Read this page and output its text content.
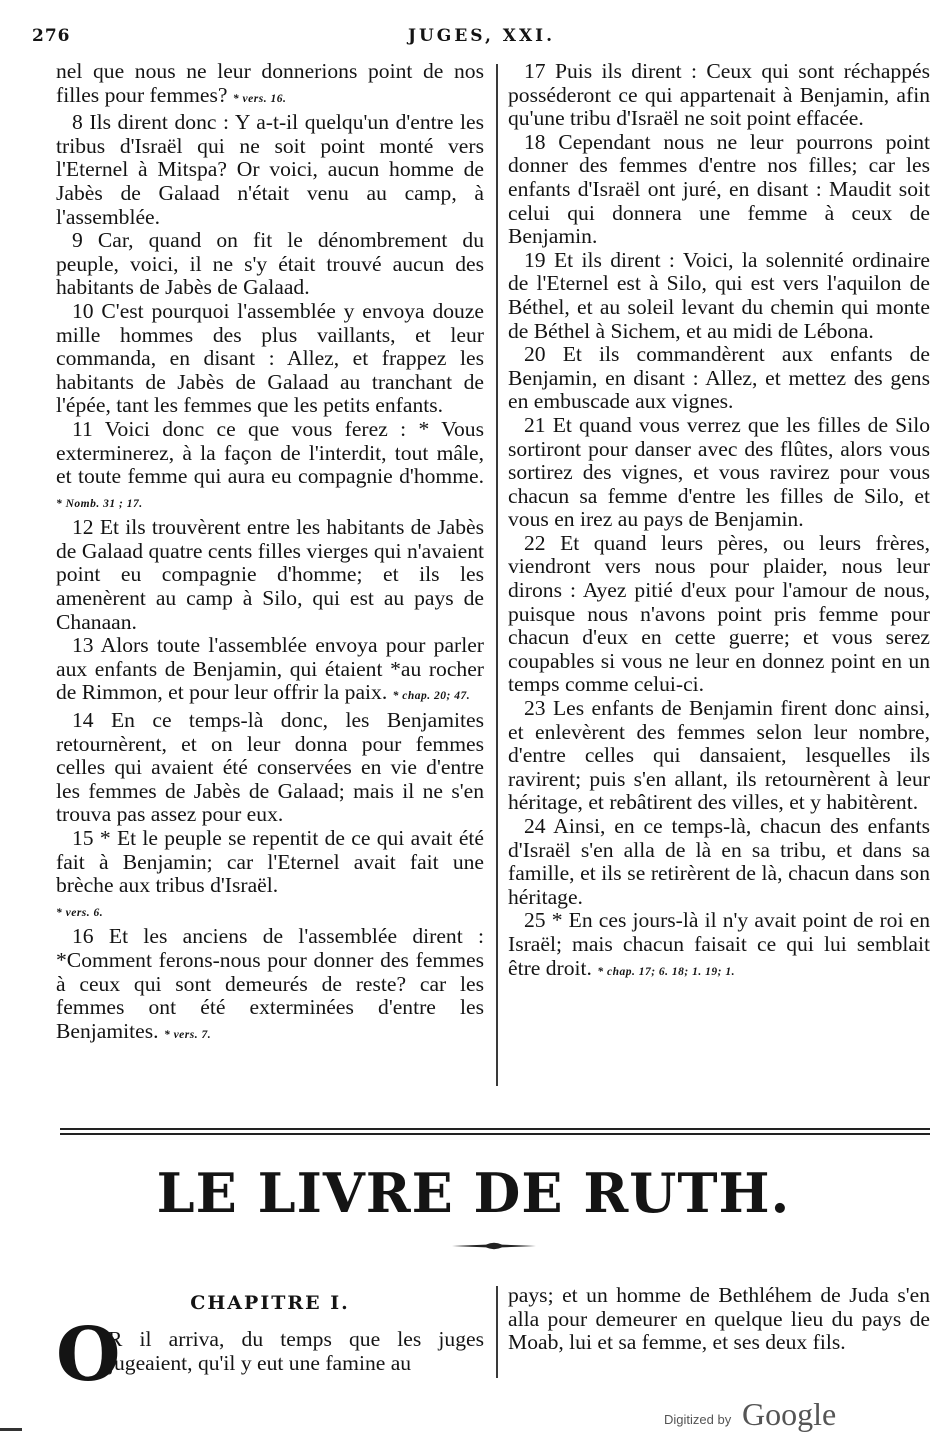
276	JUGES, XXI.

nel que nous ne leur donnerions point de nos filles pour femmes? * vers. 16.

8 Ils dirent donc : Y a-t-il quelqu'un d'entre les tribus d'Israël qui ne soit point monté vers l'Eternel à Mitspa? Or voici, aucun homme de Jabès de Galaad n'était venu au camp, à l'assemblée.

9 Car, quand on fit le dénombrement du peuple, voici, il ne s'y était trouvé aucun des habitants de Jabès de Galaad.

10 C'est pourquoi l'assemblée y envoya douze mille hommes des plus vaillants, et leur commanda, en disant : Allez, et frappez les habitants de Jabès de Galaad au tranchant de l'épée, tant les femmes que les petits enfants.

11 Voici donc ce que vous ferez : * Vous exterminerez, à la façon de l'interdit, tout mâle, et toute femme qui aura eu compagnie d'homme. * Nomb. 31 ; 17.

12 Et ils trouvèrent entre les habitants de Jabès de Galaad quatre cents filles vierges qui n'avaient point eu compagnie d'homme; et ils les amenèrent au camp à Silo, qui est au pays de Chanaan.

13 Alors toute l'assemblée envoya pour parler aux enfants de Benjamin, qui étaient *au rocher de Rimmon, et pour leur offrir la paix. * chap. 20; 47.

14 En ce temps-là donc, les Benjamites retournèrent, et on leur donna pour femmes celles qui avaient été conservées en vie d'entre les femmes de Jabès de Galaad; mais il ne s'en trouva pas assez pour eux.

15 * Et le peuple se repentit de ce qui avait été fait à Benjamin; car l'Eternel avait fait une brèche aux tribus d'Israël.

* vers. 6.

16 Et les anciens de l'assemblée dirent : *Comment ferons-nous pour donner des femmes à ceux qui sont demeurés de reste? car les femmes ont été exterminées d'entre les Benjamites. * vers. 7.

17 Puis ils dirent : Ceux qui sont réchappés posséderont ce qui appartenait à Benjamin, afin qu'une tribu d'Israël ne soit point effacée.

18 Cependant nous ne leur pourrons point donner des femmes d'entre nos filles; car les enfants d'Israël ont juré, en disant : Maudit soit celui qui donnera une femme à ceux de Benjamin.

19 Et ils dirent : Voici, la solennité ordinaire de l'Eternel est à Silo, qui est vers l'aquilon de Béthel, et au soleil levant du chemin qui monte de Béthel à Sichem, et au midi de Lébona.

20 Et ils commandèrent aux enfants de Benjamin, en disant : Allez, et mettez des gens en embuscade aux vignes.

21 Et quand vous verrez que les filles de Silo sortiront pour danser avec des flûtes, alors vous sortirez des vignes, et vous ravirez pour vous chacun sa femme d'entre les filles de Silo, et vous en irez au pays de Benjamin.

22 Et quand leurs pères, ou leurs frères, viendront vers nous pour plaider, nous leur dirons : Ayez pitié d'eux pour l'amour de nous, puisque nous n'avons point pris femme pour chacun d'eux en cette guerre; et vous serez coupables si vous ne leur en donnez point en un temps comme celui-ci.

23 Les enfants de Benjamin firent donc ainsi, et enlevèrent des femmes selon leur nombre, d'entre celles qui dansaient, lesquelles ils ravirent; puis s'en allant, ils retournèrent à leur héritage, et rebâtirent des villes, et y habitèrent.

24 Ainsi, en ce temps-là, chacun des enfants d'Israël s'en alla de là en sa tribu, et dans sa famille, et ils se retirèrent de là, chacun dans son héritage.

25 * En ces jours-là il n'y avait point de roi en Israël; mais chacun faisait ce qui lui semblait être droit. * chap. 17; 6. 18; 1. 19; 1.

LE LIVRE DE RUTH.
CHAPITRE I.
O
R il arriva, du temps que les juges jugeaient, qu'il y eut une famine au
pays; et un homme de Bethléhem de Juda s'en alla pour demeurer en quelque lieu du pays de Moab, lui et sa femme, et ses deux fils.
Digitized by Google
